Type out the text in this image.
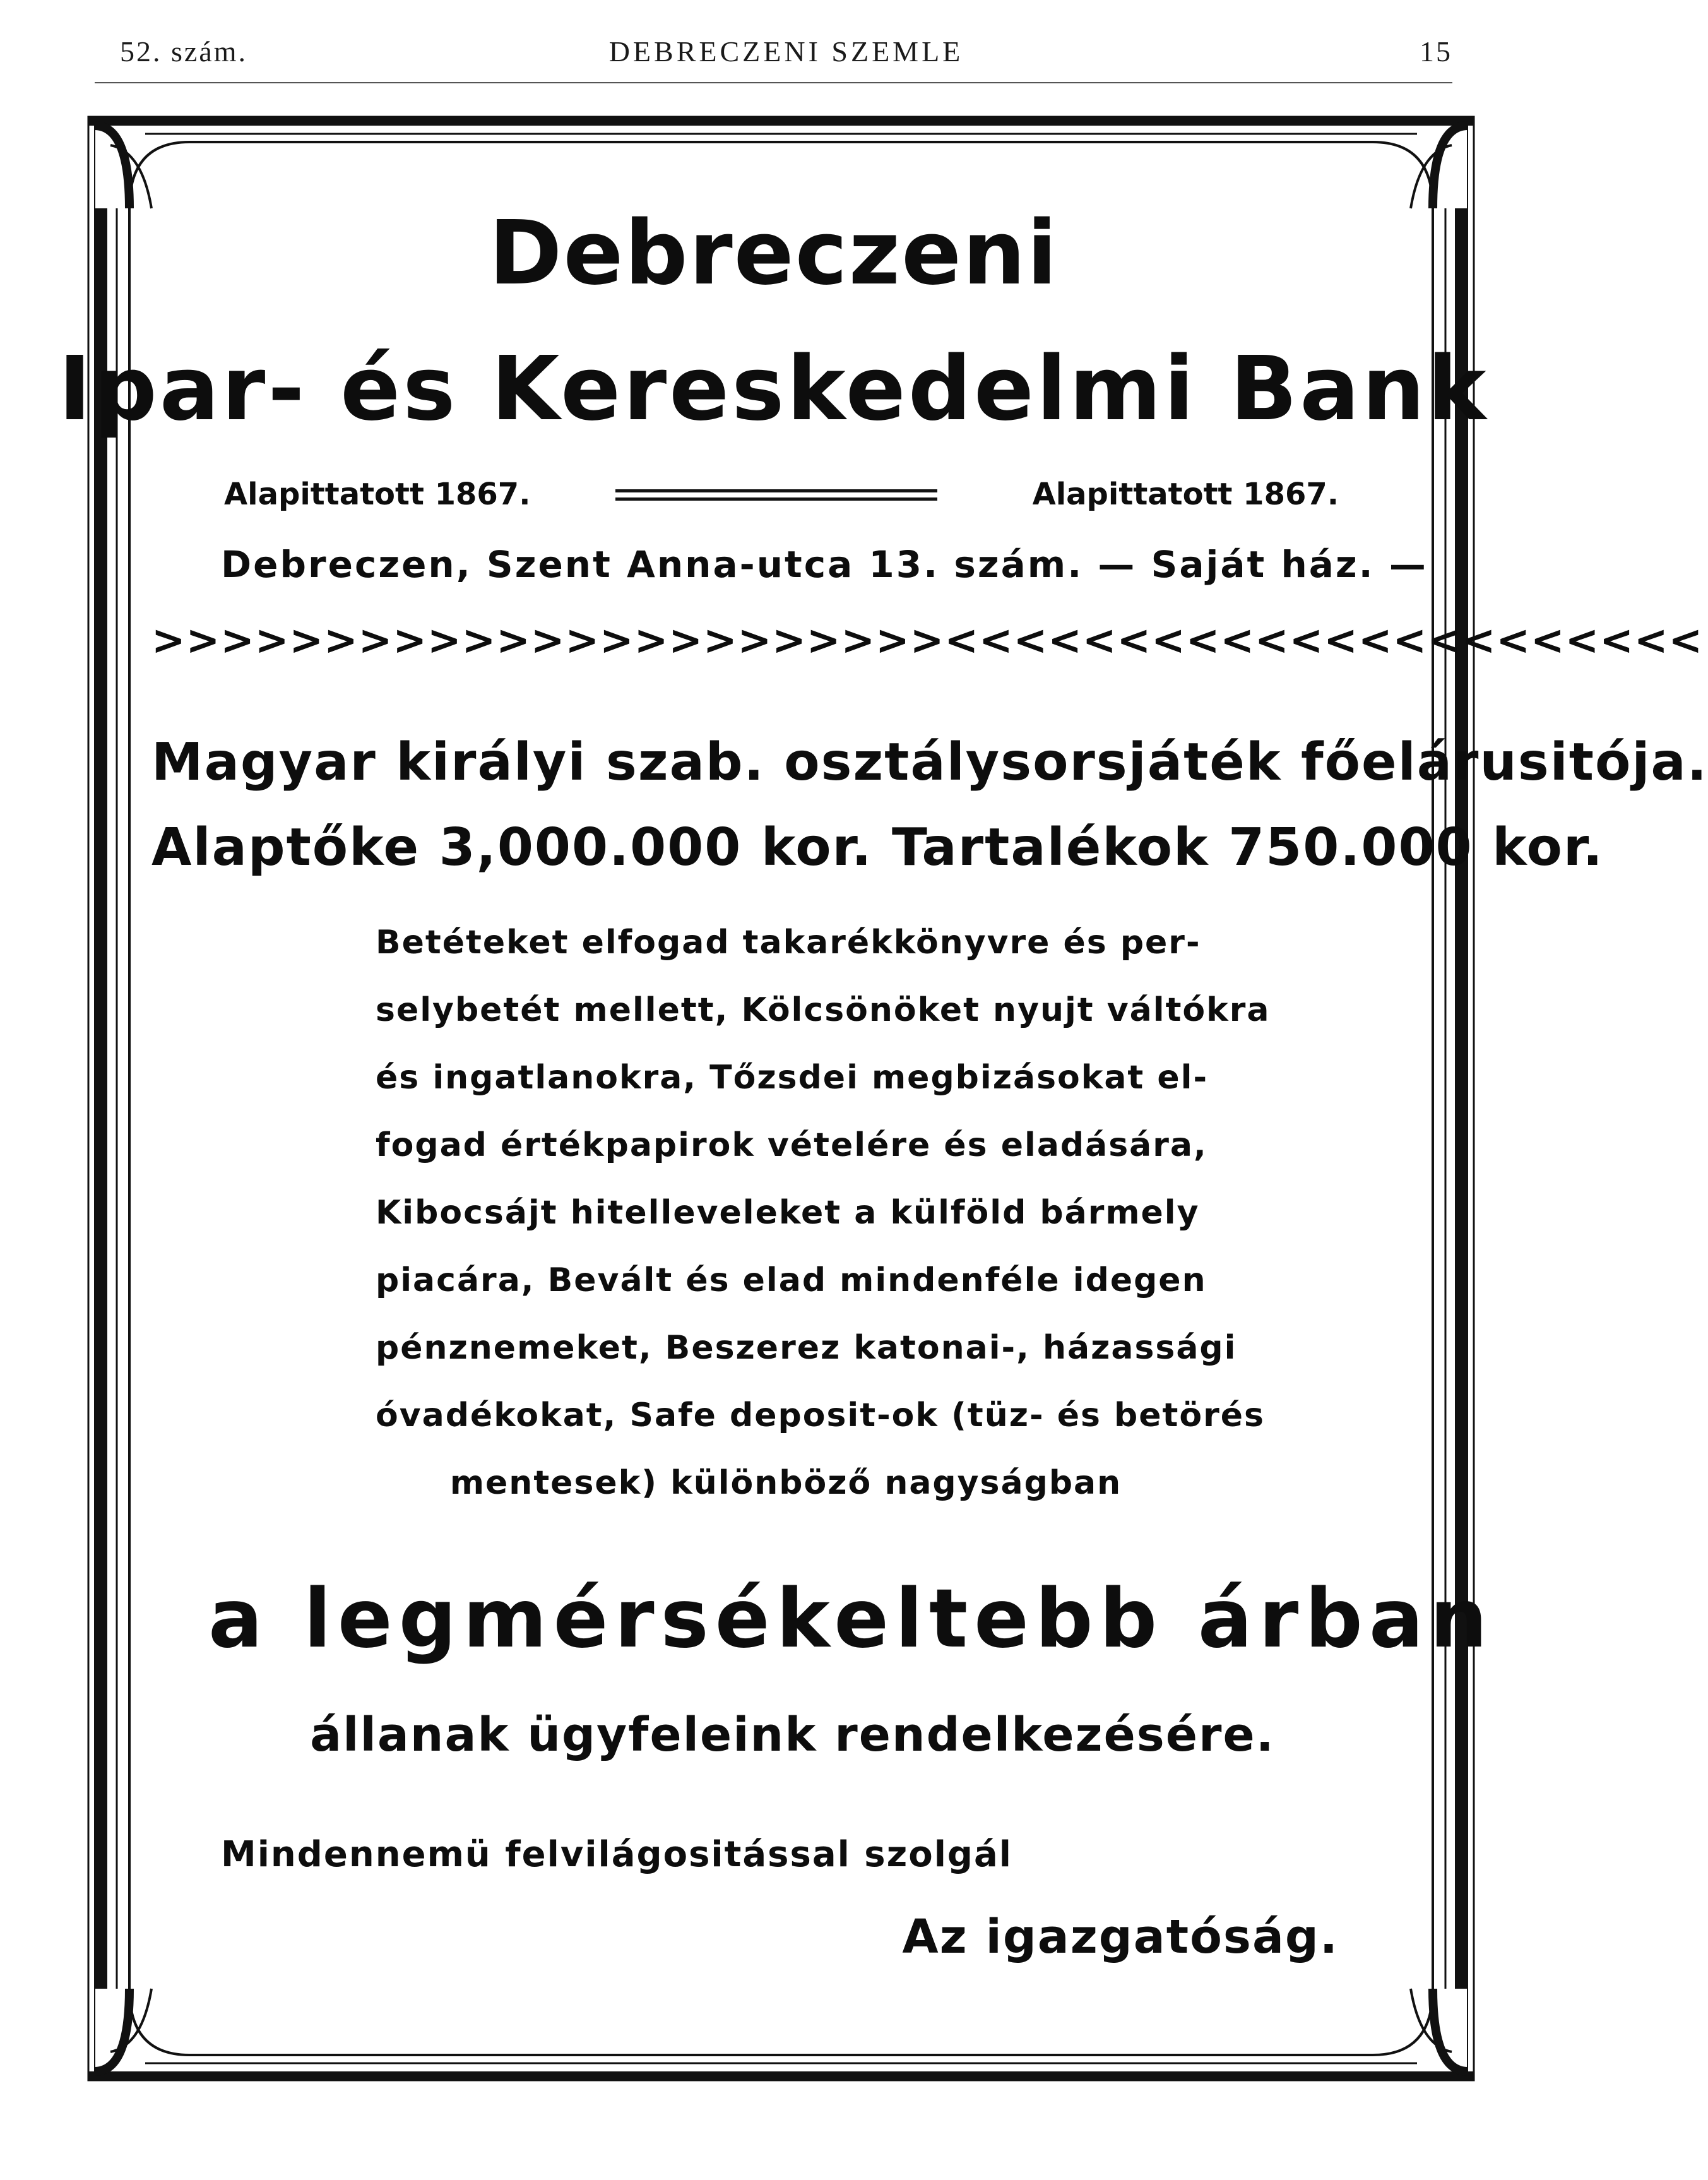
52. szám.	DEBRECZENI SZEMLE	15
Debreczeni
Ipar- és Kereskedelmi Bank
Alapittatott 1867.	Alapittatott 1867.
Debreczen, Szent Anna-utca 13. szám. — Saját ház. —
>>>>>>>>>>>>>>>>>>>>>>><<<<<<<<<<<<<<<<<<<<<<
Magyar királyi szab. osztálysorsjáték főelárusitója.
Alaptőke 3,000.000 kor. Tartalékok 750.000 kor.
Betéteket elfogad takarékkönyvre és per-
selybetét mellett, Kölcsönöket nyujt váltókra
és ingatlanokra, Tőzsdei megbizásokat el-
fogad értékpapirok vételére és eladására,
Kibocsájt hitelleveleket a külföld bármely
piacára, Bevált és elad mindenféle idegen
pénznemeket, Beszerez katonai-, házassági
óvadékokat, Safe deposit-ok (tüz- és betörés
mentesek) különböző nagyságban
a legmérsékeltebb árban
állanak ügyfeleink rendelkezésére.
Mindennemü felvilágositással szolgál
Az igazgatóság.
